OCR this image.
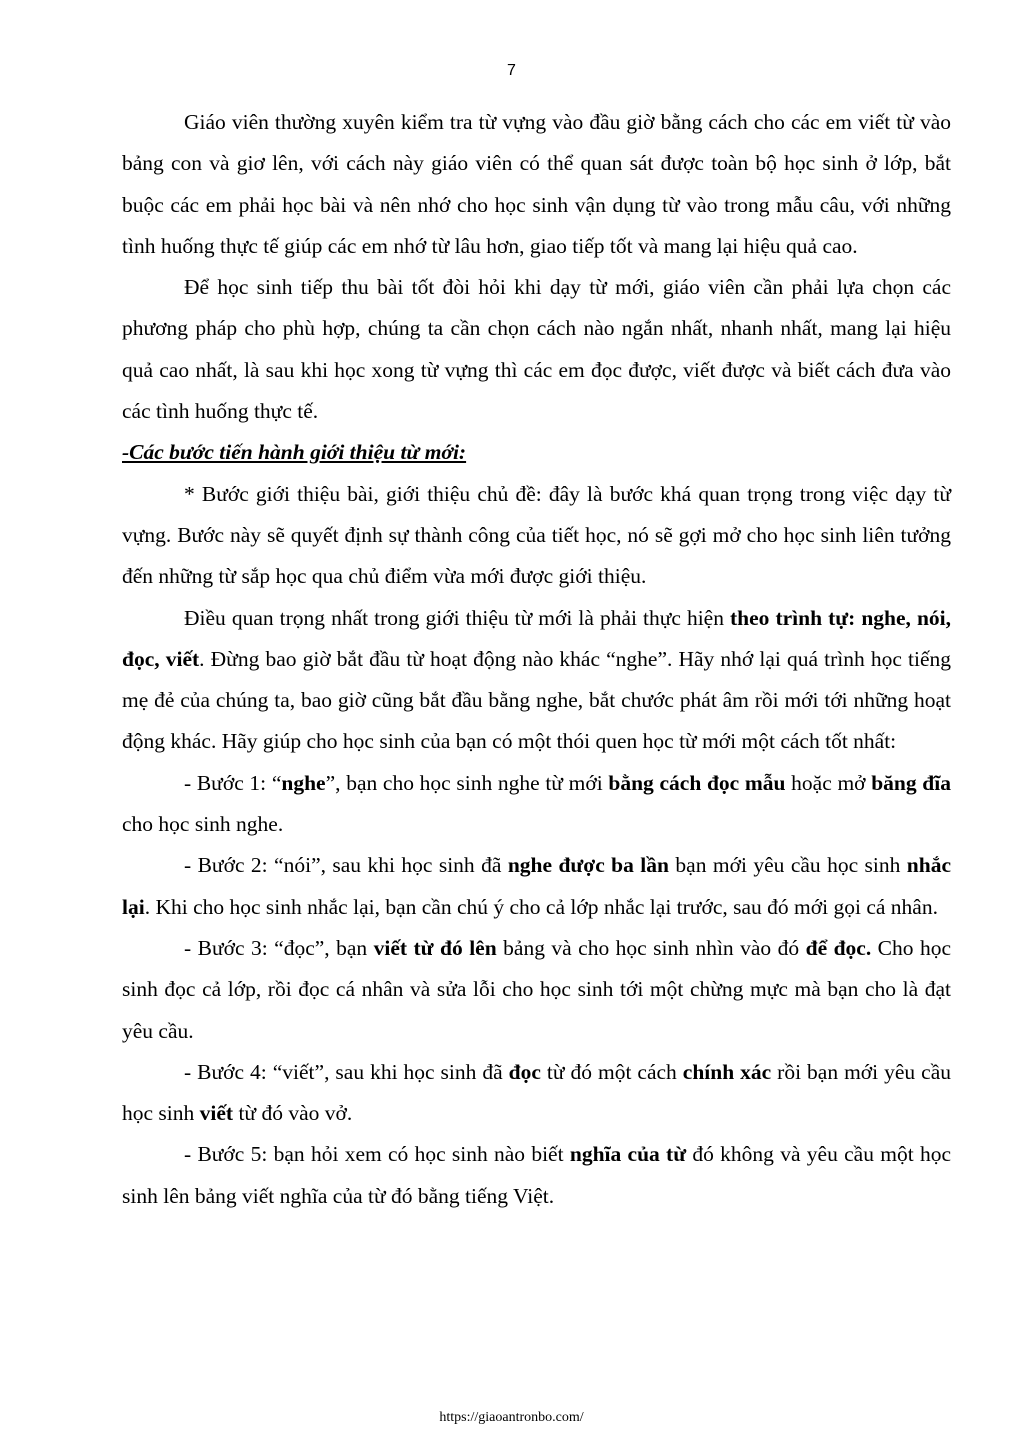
7

Giáo viên thường xuyên kiểm tra từ vựng vào đầu giờ bằng cách cho các em viết từ vào bảng con và giơ lên, với cách này giáo viên có thể quan sát được toàn bộ học sinh ở lớp, bắt buộc các em phải học bài và nên nhớ cho học sinh vận dụng từ vào trong mẫu câu, với những tình huống thực tế giúp các em nhớ từ lâu hơn, giao tiếp tốt và mang lại hiệu quả cao.

Để học sinh tiếp thu bài tốt đòi hỏi khi dạy từ mới, giáo viên cần phải lựa chọn các phương pháp cho phù hợp, chúng ta cần chọn cách nào ngắn nhất, nhanh nhất, mang lại hiệu quả cao nhất, là sau khi học xong từ vựng thì các em đọc được, viết được và biết cách đưa vào các tình huống thực tế.

-Các bước tiến hành giới thiệu từ mới:

* Bước giới thiệu bài, giới thiệu chủ đề: đây là bước khá quan trọng trong việc dạy từ vựng. Bước này sẽ quyết định sự thành công của tiết học, nó sẽ gợi mở cho học sinh liên tưởng đến những từ sắp học qua chủ điểm vừa mới được giới thiệu.

Điều quan trọng nhất trong giới thiệu từ mới là phải thực hiện theo trình tự: nghe, nói, đọc, viết. Đừng bao giờ bắt đầu từ hoạt động nào khác “nghe”. Hãy nhớ lại quá trình học tiếng mẹ đẻ của chúng ta, bao giờ cũng bắt đầu bằng nghe, bắt chước phát âm rồi mới tới những hoạt động khác. Hãy giúp cho học sinh của bạn có một thói quen học từ mới một cách tốt nhất:

- Bước 1: “nghe”, bạn cho học sinh nghe từ mới bằng cách đọc mẫu hoặc mở băng đĩa cho học sinh nghe.

- Bước 2: “nói”, sau khi học sinh đã nghe được ba lần bạn mới yêu cầu học sinh nhắc lại. Khi cho học sinh nhắc lại, bạn cần chú ý cho cả lớp nhắc lại trước, sau đó mới gọi cá nhân.

- Bước 3: “đọc”, bạn viết từ đó lên bảng và cho học sinh nhìn vào đó để đọc. Cho học sinh đọc cả lớp, rồi đọc cá nhân và sửa lỗi cho học sinh tới một chừng mực mà bạn cho là đạt yêu cầu.

- Bước 4: “viết”, sau khi học sinh đã đọc từ đó một cách chính xác rồi bạn mới yêu cầu học sinh viết từ đó vào vở.

- Bước 5: bạn hỏi xem có học sinh nào biết nghĩa của từ đó không và yêu cầu một học sinh lên bảng viết nghĩa của từ đó bằng tiếng Việt.

https://giaoantronbo.com/
